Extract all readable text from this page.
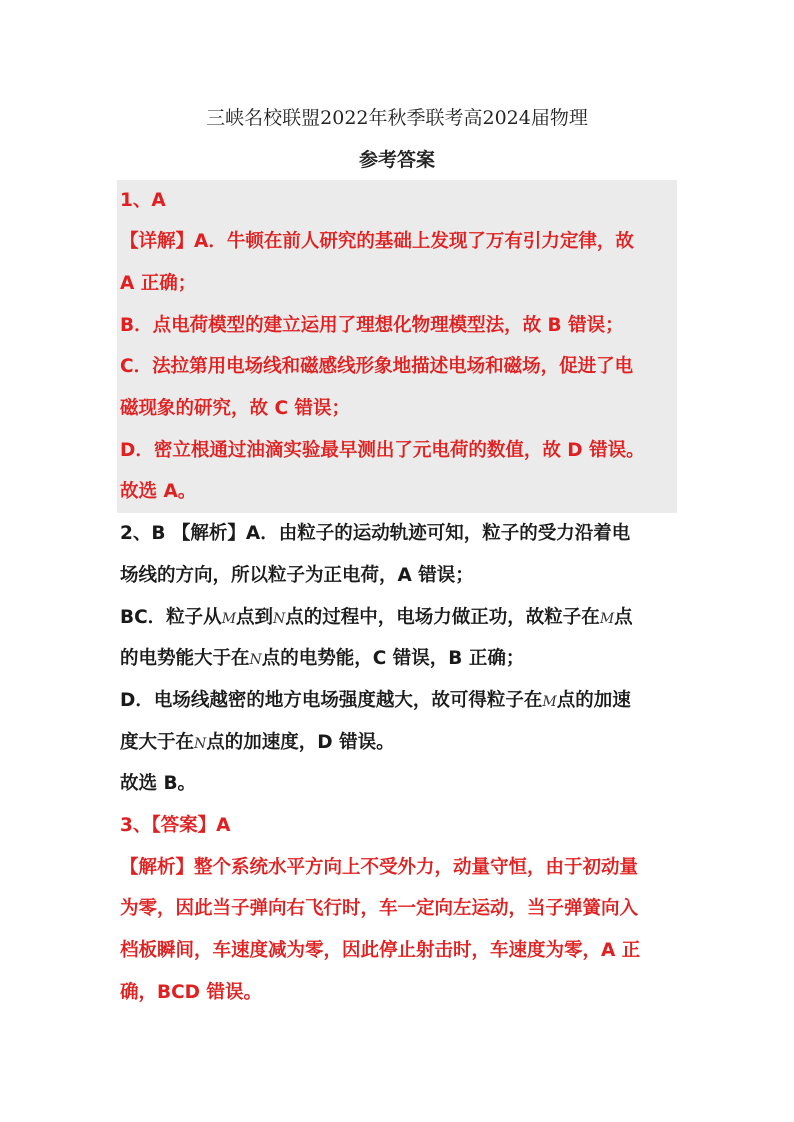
三峡名校联盟2022年秋季联考高2024届物理
参考答案
1、A
【详解】A．牛顿在前人研究的基础上发现了万有引力定律，故
A 正确；
B．点电荷模型的建立运用了理想化物理模型法，故 B 错误；
C．法拉第用电场线和磁感线形象地描述电场和磁场，促进了电
磁现象的研究，故 C 错误；
D．密立根通过油滴实验最早测出了元电荷的数值，故 D 错误。
故选 A。
2、B 【解析】A．由粒子的运动轨迹可知，粒子的受力沿着电
场线的方向，所以粒子为正电荷，A 错误；
BC．粒子从M点到N点的过程中，电场力做正功，故粒子在M点
的电势能大于在N点的电势能，C 错误，B 正确；
D．电场线越密的地方电场强度越大，故可得粒子在M点的加速
度大于在N点的加速度，D 错误。
故选 B。
3、【答案】A
【解析】整个系统水平方向上不受外力，动量守恒，由于初动量
为零，因此当子弹向右飞行时，车一定向左运动，当子弹簧向入
档板瞬间，车速度减为零，因此停止射击时，车速度为零，A 正
确，BCD 错误。
